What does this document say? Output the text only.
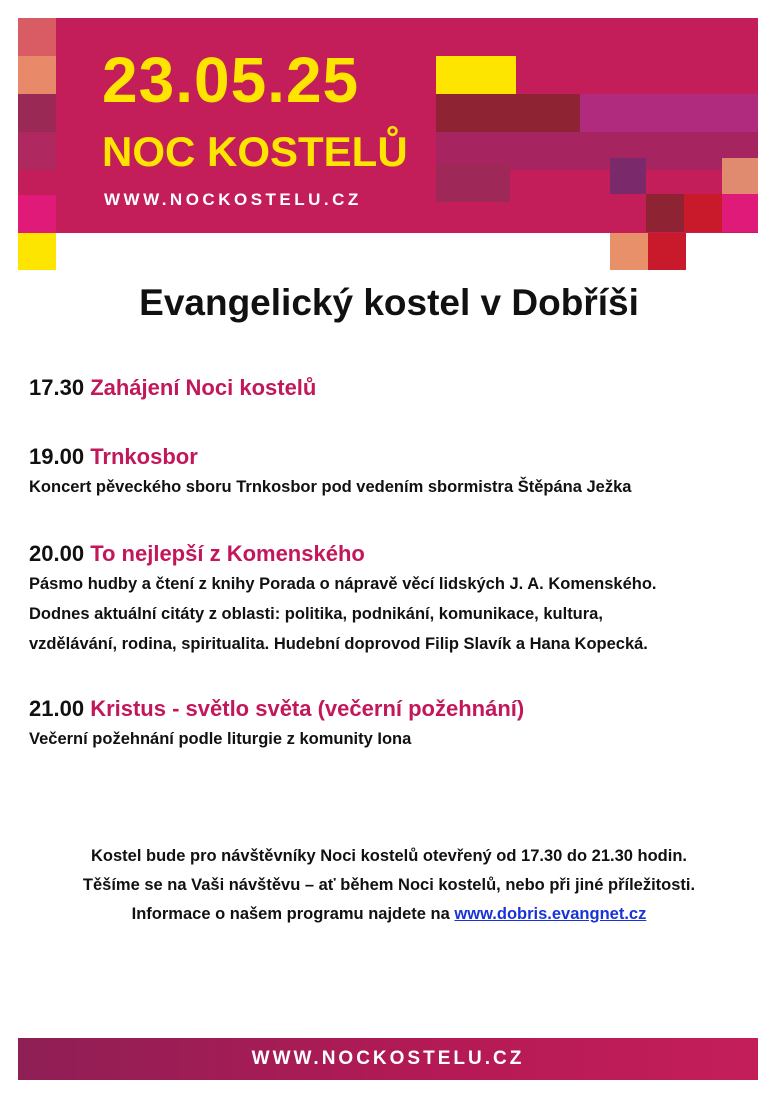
23.05.25
NOC KOSTELŮ
WWW.NOCKOSTELU.CZ
Evangelický kostel v Dobříši
17.30 Zahájení Noci kostelů
19.00 Trnkosbor

Koncert pěveckého sboru Trnkosbor pod vedením sbormistra Štěpána Ježka

20.00 To nejlepší z Komenského

Pásmo hudby a čtení z knihy Porada o nápravě věcí lidských J. A. Komenského.

Dodnes aktuální citáty z oblasti: politika, podnikání, komunikace, kultura,

vzdělávání, rodina, spiritualita. Hudební doprovod Filip Slavík a Hana Kopecká.

21.00 Kristus - světlo světa (večerní požehnání)

Večerní požehnání podle liturgie z komunity Iona

Kostel bude pro návštěvníky Noci kostelů otevřený od 17.30 do 21.30 hodin.

Těšíme se na Vaši návštěvu – ať během Noci kostelů, nebo při jiné příležitosti.

Informace o našem programu najdete na www.dobris.evangnet.cz

WWW.NOCKOSTELU.CZ
